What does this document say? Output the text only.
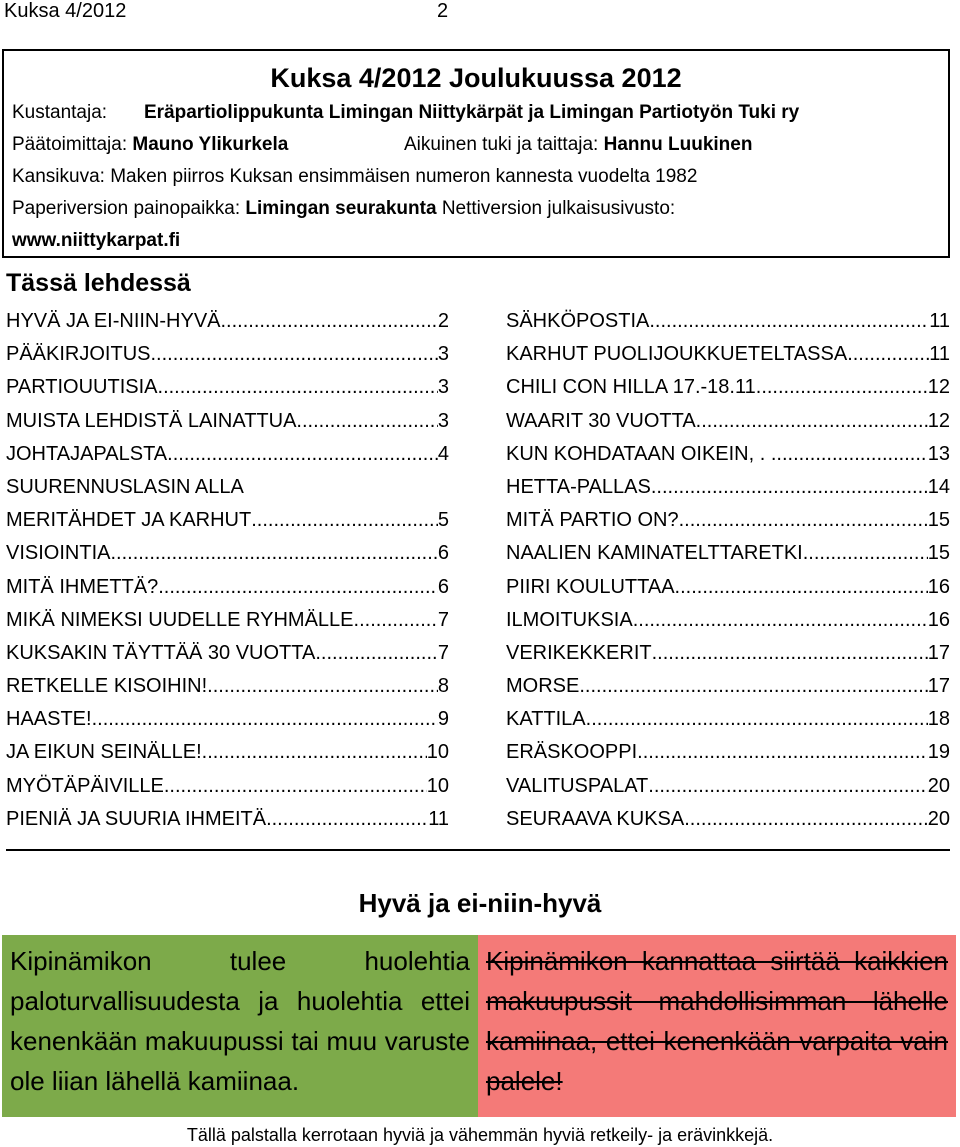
Kuksa 4/2012	2
Kuksa 4/2012 Joulukuussa 2012
Kustantaja: Eräpartiolippukunta Limingan Niittykärpät ja Limingan Partiotyön Tuki ry
Päätoimittaja: Mauno Ylikurkela	Aikuinen tuki ja taittaja: Hannu Luukinen
Kansikuva: Maken piirros Kuksan ensimmäisen numeron kannesta vuodelta 1982
Paperiversion painopaikka: Limingan seurakunta Nettiversion julkaisusivusto:
www.niittykarpat.fi
Tässä lehdessä
HYVÄ JA EI-NIIN-HYVÄ .....	2
PÄÄKIRJOITUS .....	3
PARTIOUUTISIA .....	3
MUISTA LEHDISTÄ LAINATTUA .....	3
JOHTAJAPALSTA .....	4
SUURENNUSLASIN ALLA
MERITÄHDET JA KARHUT .....	5
VISIOINTIA .....	6
MITÄ IHMETTÄ? .....	6
MIKÄ NIMEKSI UUDELLE RYHMÄLLE. .....	7
KUKSAKIN TÄYTTÄÄ 30 VUOTTA .....	7
RETKELLE KISOIHIN! .....	8
HAASTE! .....	9
JA EIKUN SEINÄLLE! .....	10
MYÖTÄPÄIVILLE .....	10
PIENIÄ JA SUURIA IHMEITÄ .....	11
SÄHKÖPOSTIA .....	11
KARHUT PUOLIJOUKKUETELTASSA. .....	11
CHILI CON HILLA 17.-18.11. .....	12
WAARIT 30 VUOTTA .....	12
KUN KOHDATAAN OIKEIN, . . .....	13
HETTA-PALLAS .....	14
MITÄ PARTIO ON? .....	15
NAALIEN KAMINATELTTARETKI .....	15
PIIRI KOULUTTAA .....	16
ILMOITUKSIA .....	16
VERIKEKKERIT .....	17
MORSE .....	17
KATTILA .....	18
ERÄSKOOPPI .....	19
VALITUSPALAT .....	20
SEURAAVA KUKSA .....	20
Hyvä ja ei-niin-hyvä
Kipinämikon tulee huolehtia paloturvallisuudesta ja huolehtia ettei kenenkään makuupussi tai muu varuste ole liian lähellä kamiinaa.
Kipinämikon kannattaa siirtää kaikkien makuupussit mahdollisimman lähelle kamiinaa, ettei kenenkään varpaita vain palele!
Tällä palstalla kerrotaan hyviä ja vähemmän hyviä retkeily- ja erävinkkejä.
